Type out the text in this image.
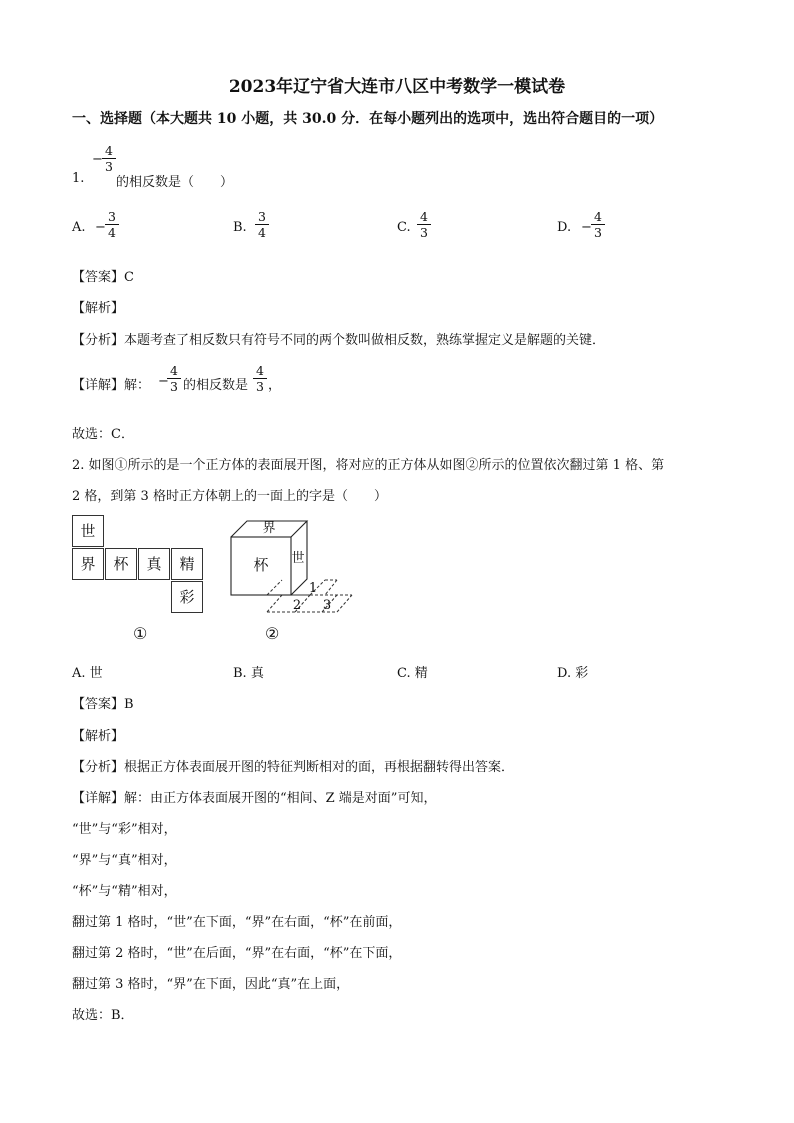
2023年辽宁省大连市八区中考数学一模试卷
一、选择题（本大题共 10 小题，共 30.0 分．在每小题列出的选项中，选出符合题目的一项）
−
4
3
1. 的相反数是（　　）
A. −
3
4	B.
3
4	C.
4
3	D. −
4
3
【答案】C
【解析】
【分析】本题考查了相反数只有符号不同的两个数叫做相反数，熟练掌握定义是解题的关键．
【详解】解： −
4
3 的相反数是
4
3 ，
故选：C．
2. 如图①所示的是一个正方体的表面展开图，将对应的正方体从如图②所示的位置依次翻过第 1 格、第
2 格，到第 3 格时正方体朝上的一面上的字是（　　）
世
界	杯	真	精
彩
①
界
杯 世
1
2 3
②
A. 世	B. 真	C. 精	D. 彩
【答案】B
【解析】
【分析】根据正方体表面展开图的特征判断相对的面，再根据翻转得出答案．
【详解】解：由正方体表面展开图的“相间、Z 端是对面”可知，
“世”与“彩”相对，
“界”与“真”相对，
“杯”与“精”相对，
翻过第 1 格时，“世”在下面，“界”在右面，“杯”在前面，
翻过第 2 格时，“世”在后面，“界”在右面，“杯”在下面，
翻过第 3 格时，“界”在下面，因此“真”在上面，
故选：B．
